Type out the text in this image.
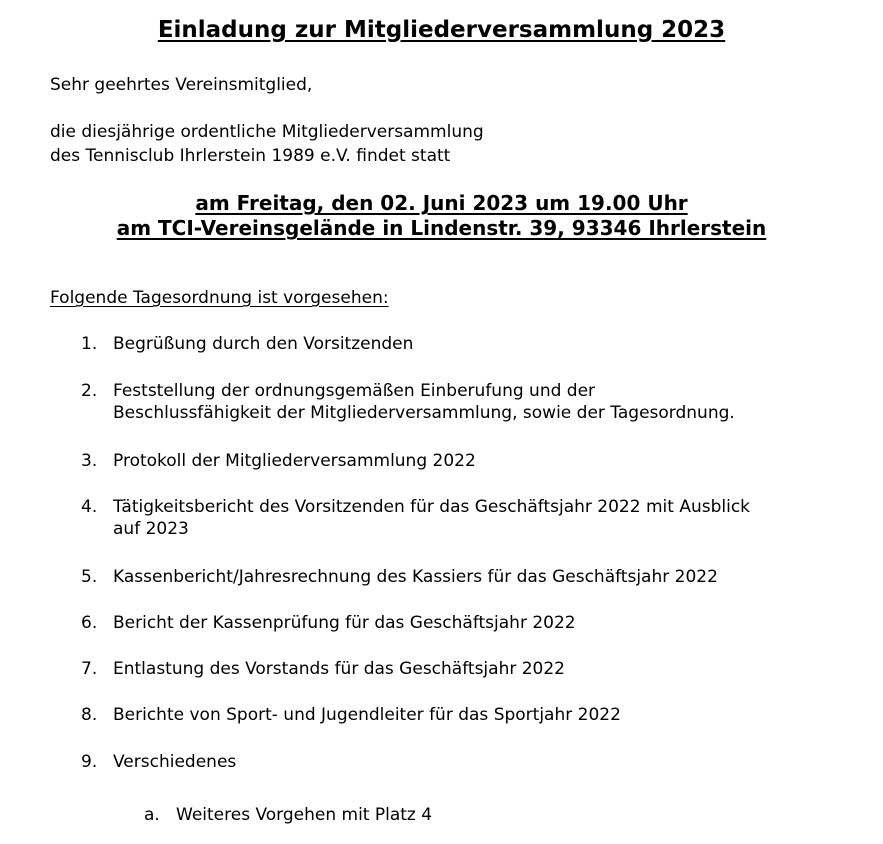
Einladung zur Mitgliederversammlung 2023
Sehr geehrtes Vereinsmitglied,
die diesjährige ordentliche Mitgliederversammlung
des Tennisclub Ihrlerstein 1989 e.V. findet statt
am Freitag, den 02. Juni 2023 um 19.00 Uhr
am TCI-Vereinsgelände in Lindenstr. 39, 93346 Ihrlerstein
Folgende Tagesordnung ist vorgesehen:
1. Begrüßung durch den Vorsitzenden
2. Feststellung der ordnungsgemäßen Einberufung und der
Beschlussfähigkeit der Mitgliederversammlung, sowie der Tagesordnung.
3. Protokoll der Mitgliederversammlung 2022
4. Tätigkeitsbericht des Vorsitzenden für das Geschäftsjahr 2022 mit Ausblick
auf 2023
5. Kassenbericht/Jahresrechnung des Kassiers für das Geschäftsjahr 2022
6. Bericht der Kassenprüfung für das Geschäftsjahr 2022
7. Entlastung des Vorstands für das Geschäftsjahr 2022
8. Berichte von Sport- und Jugendleiter für das Sportjahr 2022
9. Verschiedenes
a. Weiteres Vorgehen mit Platz 4
